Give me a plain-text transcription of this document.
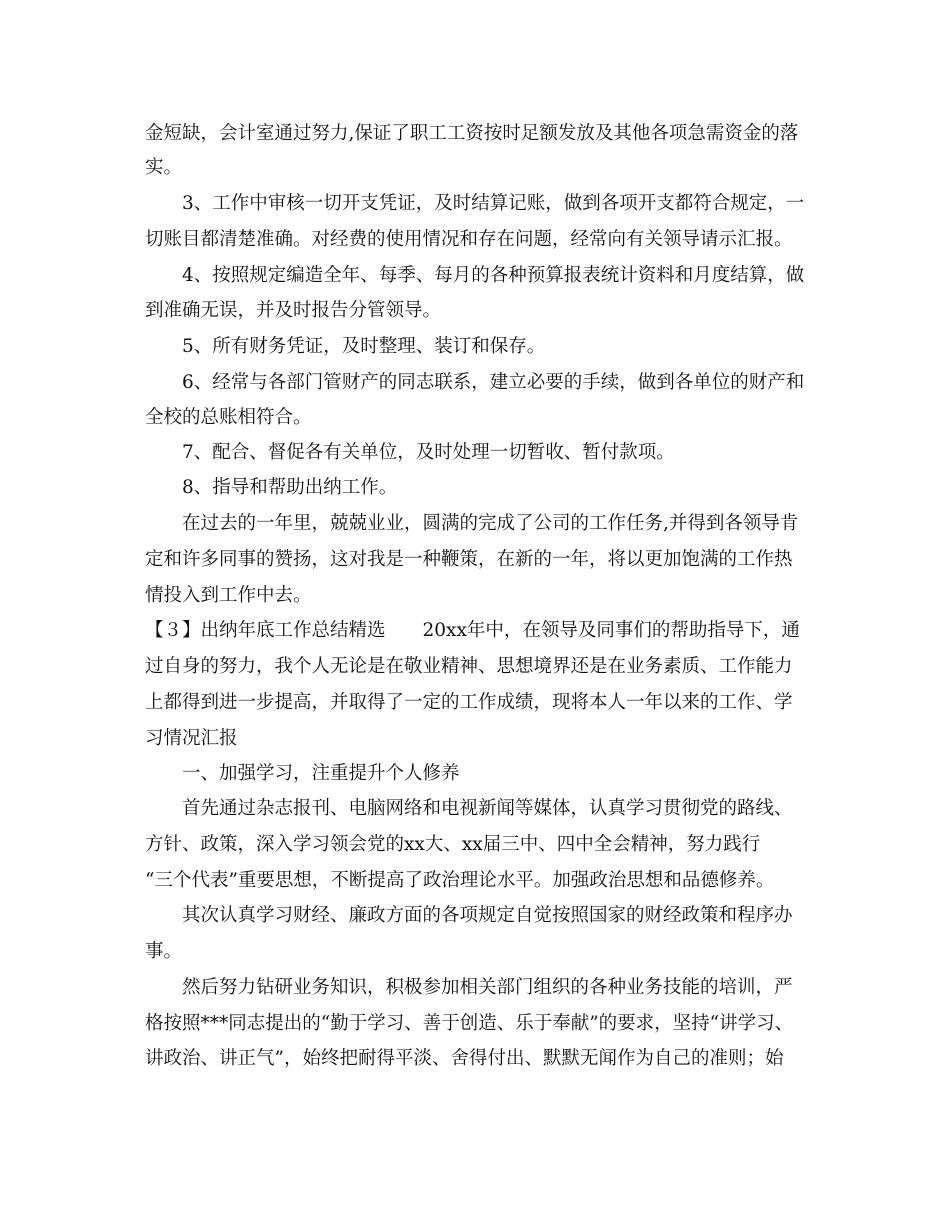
金短缺，会计室通过努力,保证了职工工资按时足额发放及其他各项急需资金的落
实。
3、工作中审核一切开支凭证，及时结算记账，做到各项开支都符合规定，一
切账目都清楚准确。对经费的使用情况和存在问题，经常向有关领导请示汇报。
4、按照规定编造全年、每季、每月的各种预算报表统计资料和月度结算，做
到准确无误，并及时报告分管领导。
5、所有财务凭证，及时整理、装订和保存。
6、经常与各部门管财产的同志联系，建立必要的手续，做到各单位的财产和
全校的总账相符合。
7、配合、督促各有关单位，及时处理一切暂收、暂付款项。
8、指导和帮助出纳工作。
在过去的一年里，兢兢业业，圆满的完成了公司的工作任务,并得到各领导肯
定和许多同事的赞扬，这对我是一种鞭策，在新的一年，将以更加饱满的工作热
情投入到工作中去。
【３】出纳年底工作总结精选　　20xx年中，在领导及同事们的帮助指导下，通
过自身的努力，我个人无论是在敬业精神、思想境界还是在业务素质、工作能力
上都得到进一步提高，并取得了一定的工作成绩，现将本人一年以来的工作、学
习情况汇报
一、加强学习，注重提升个人修养
首先通过杂志报刊、电脑网络和电视新闻等媒体，认真学习贯彻党的路线、
方针、政策，深入学习领会党的xx大、xx届三中、四中全会精神，努力践行
“三个代表”重要思想，不断提高了政治理论水平。加强政治思想和品德修养。
其次认真学习财经、廉政方面的各项规定自觉按照国家的财经政策和程序办
事。
然后努力钻研业务知识，积极参加相关部门组织的各种业务技能的培训，严
格按照***同志提出的“勤于学习、善于创造、乐于奉献”的要求，坚持“讲学习、
讲政治、讲正气”，始终把耐得平淡、舍得付出、默默无闻作为自己的准则；始
